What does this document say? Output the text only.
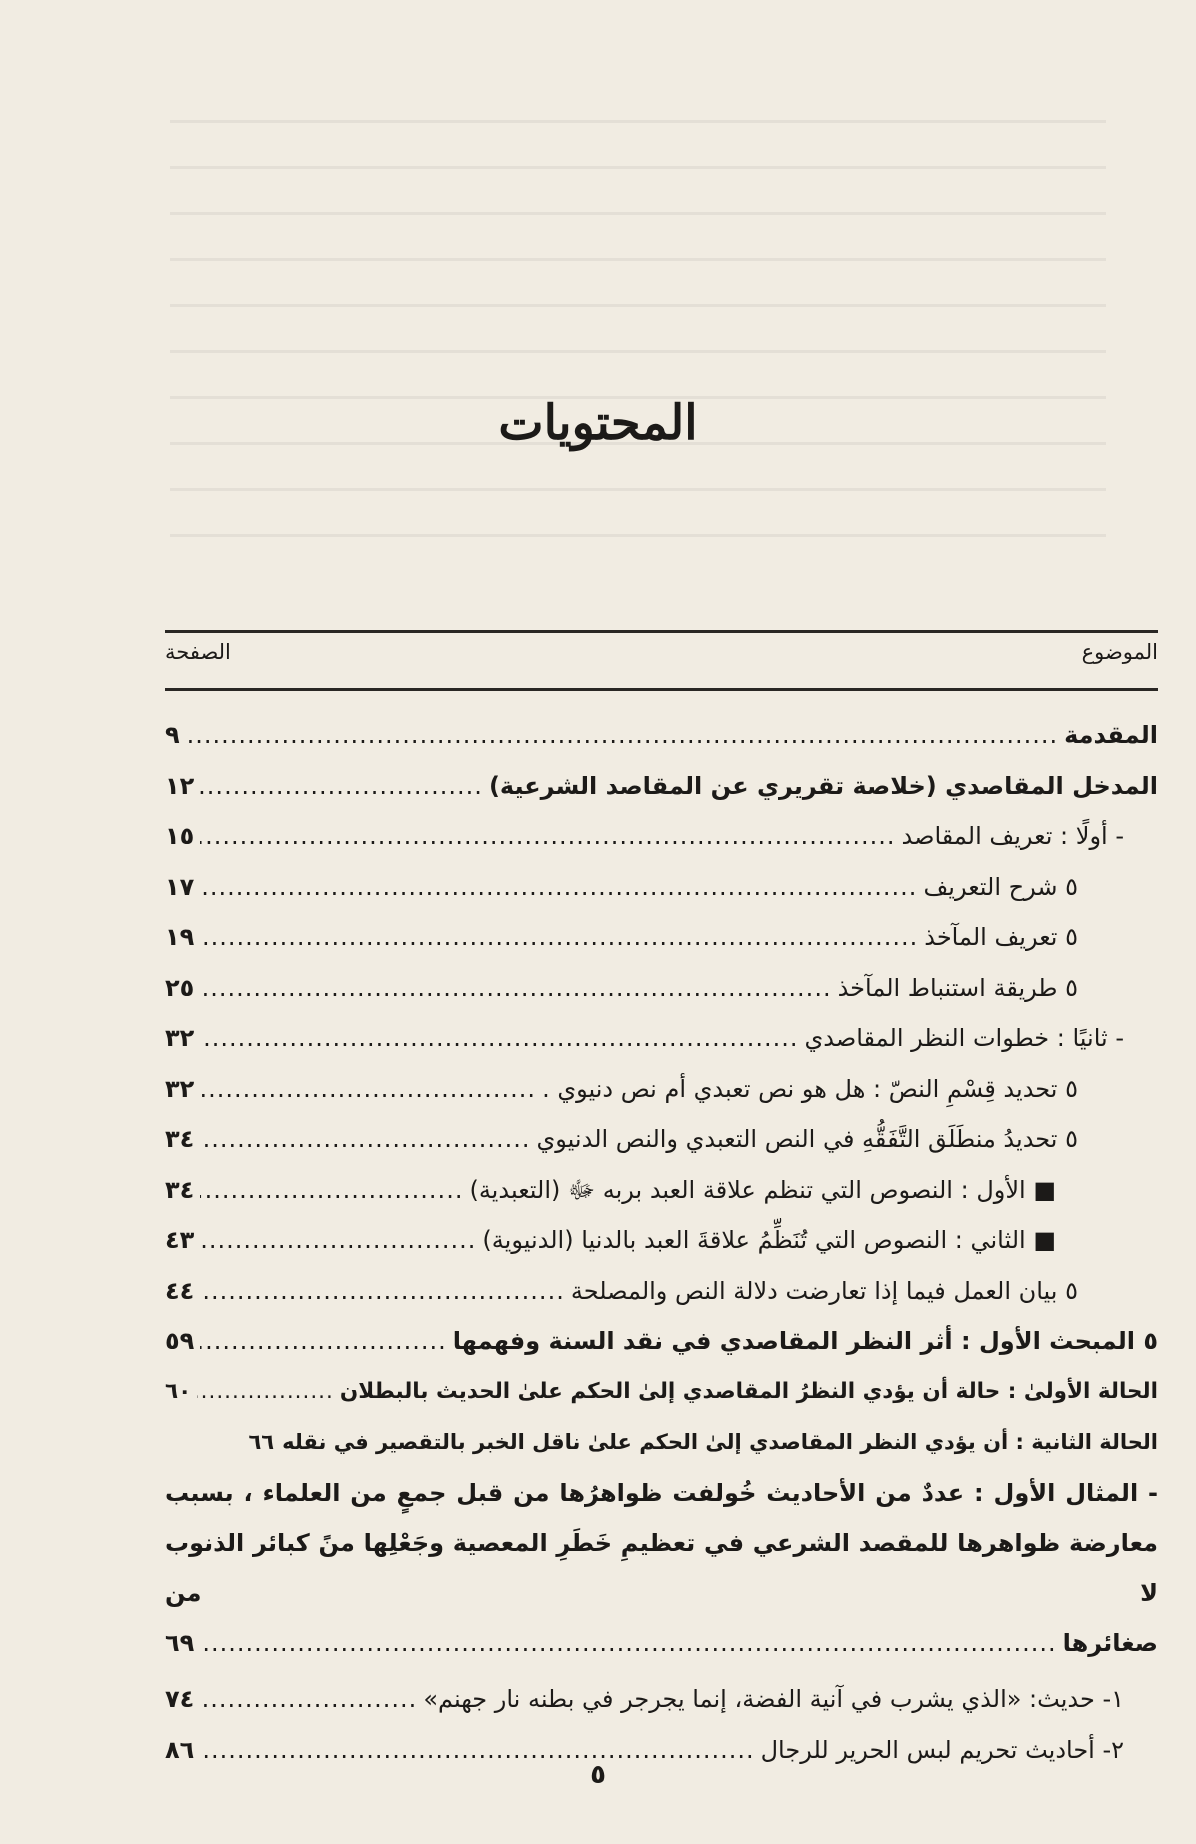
المحتويات
الموضوع
الصفحة
المقدمة
.....
٩
المدخل المقاصدي (خلاصة تقريري عن المقاصد الشرعية)
.....
١٢
- أولًا : تعريف المقاصد
.....
١٥
٥ شرح التعريف
.....
١٧
٥ تعريف المآخذ
.....
١٩
٥ طريقة استنباط المآخذ
.....
٢٥
- ثانيًا : خطوات النظر المقاصدي
.....
٣٢
٥ تحديد قِسْمِ النصّ : هل هو نص تعبدي أم نص دنيوي .
.....
٣٢
٥ تحديدُ منطَلَق التَّفَقُّهِ في النص التعبدي والنص الدنيوي
.....
٣٤
■ الأول : النصوص التي تنظم علاقة العبد بربه ﷻ (التعبدية)
.....
٣٤
■ الثاني : النصوص التي تُنَظِّمُ علاقةَ العبد بالدنيا (الدنيوية)
.....
٤٣
٥ بيان العمل فيما إذا تعارضت دلالة النص والمصلحة
.....
٤٤
٥ المبحث الأول : أثر النظر المقاصدي في نقد السنة وفهمها
.....
٥٩
الحالة الأولىٰ : حالة أن يؤدي النظرُ المقاصدي إلىٰ الحكم علىٰ الحديث بالبطلان
.....
٦٠
الحالة الثانية : أن يؤدي النظر المقاصدي إلىٰ الحكم علىٰ ناقل الخبر بالتقصير في نقله
٦٦
- المثال الأول : عددٌ من الأحاديث خُولفت ظواهرُها من قبل جمعٍ من العلماء ، بسبب معارضة ظواهرها للمقصد الشرعي في تعظيمِ خَطَرِ المعصية وجَعْلِها منً كبائر الذنوب لا من
صغائرها
.....
٦٩
١- حديث: «الذي يشرب في آنية الفضة، إنما يجرجر في بطنه نار جهنم»
.....
٧٤
٢- أحاديث تحريم لبس الحرير للرجال
.....
٨٦
٥
